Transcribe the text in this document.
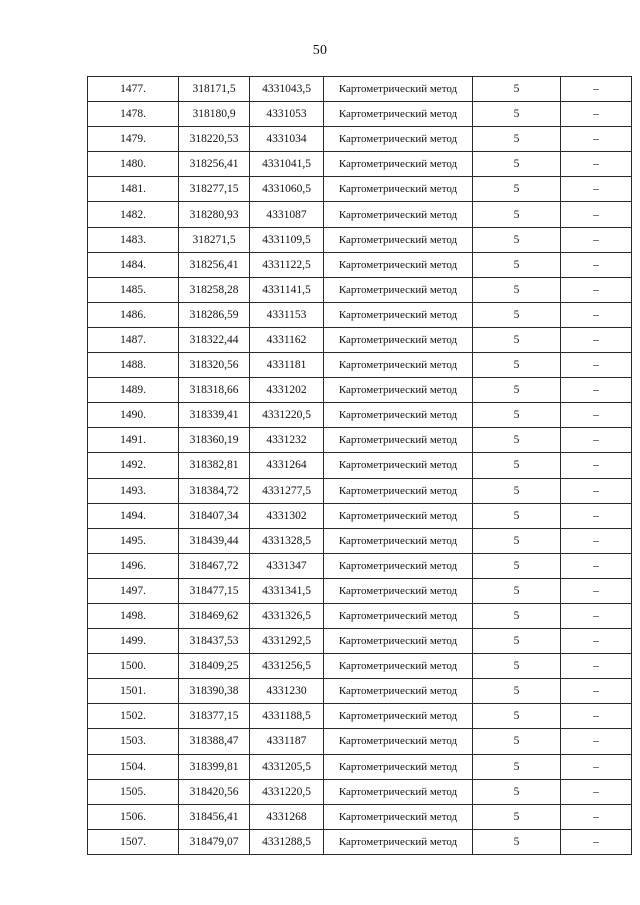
50
1477.	318171,5	4331043,5	Картометрический метод	5	–
1478.	318180,9	4331053	Картометрический метод	5	–
1479.	318220,53	4331034	Картометрический метод	5	–
1480.	318256,41	4331041,5	Картометрический метод	5	–
1481.	318277,15	4331060,5	Картометрический метод	5	–
1482.	318280,93	4331087	Картометрический метод	5	–
1483.	318271,5	4331109,5	Картометрический метод	5	–
1484.	318256,41	4331122,5	Картометрический метод	5	–
1485.	318258,28	4331141,5	Картометрический метод	5	–
1486.	318286,59	4331153	Картометрический метод	5	–
1487.	318322,44	4331162	Картометрический метод	5	–
1488.	318320,56	4331181	Картометрический метод	5	–
1489.	318318,66	4331202	Картометрический метод	5	–
1490.	318339,41	4331220,5	Картометрический метод	5	–
1491.	318360,19	4331232	Картометрический метод	5	–
1492.	318382,81	4331264	Картометрический метод	5	–
1493.	318384,72	4331277,5	Картометрический метод	5	–
1494.	318407,34	4331302	Картометрический метод	5	–
1495.	318439,44	4331328,5	Картометрический метод	5	–
1496.	318467,72	4331347	Картометрический метод	5	–
1497.	318477,15	4331341,5	Картометрический метод	5	–
1498.	318469,62	4331326,5	Картометрический метод	5	–
1499.	318437,53	4331292,5	Картометрический метод	5	–
1500.	318409,25	4331256,5	Картометрический метод	5	–
1501.	318390,38	4331230	Картометрический метод	5	–
1502.	318377,15	4331188,5	Картометрический метод	5	–
1503.	318388,47	4331187	Картометрический метод	5	–
1504.	318399,81	4331205,5	Картометрический метод	5	–
1505.	318420,56	4331220,5	Картометрический метод	5	–
1506.	318456,41	4331268	Картометрический метод	5	–
1507.	318479,07	4331288,5	Картометрический метод	5	–
